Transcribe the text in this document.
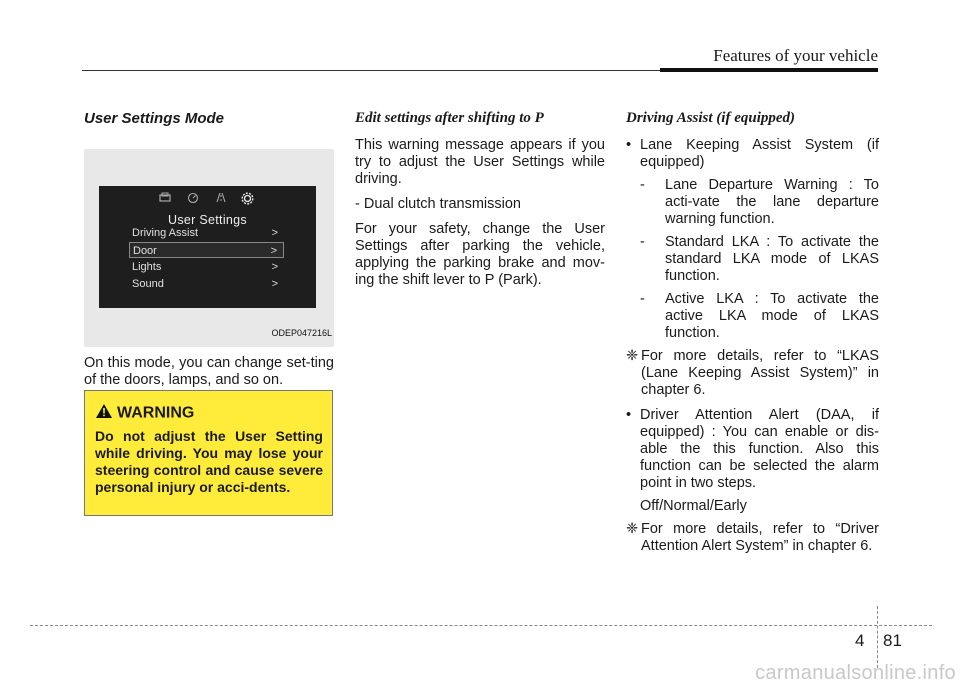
Features of your vehicle
User Settings Mode
User Settings
Driving Assist	>
Door	>
Lights	>
Sound	>
ODEP047216L

On this mode, you can change set-ting of the doors, lamps, and so on.

WARNING
Do not adjust the User Setting while driving. You may lose your steering control and cause severe personal injury or acci-dents.
Edit settings after shifting to P

This warning message appears if you try to adjust the User Settings while driving.

- Dual clutch transmission

For your safety, change the User Settings after parking the vehicle, applying the parking brake and mov-ing the shift lever to P (Park).

Driving Assist (if equipped)
• Lane Keeping Assist System (if equipped)
- Lane Departure Warning : To acti-vate the lane departure warning function.
- Standard LKA : To activate the standard LKA mode of LKAS function.
- Active LKA : To activate the active LKA mode of LKAS function.
❈ For more details, refer to “LKAS (Lane Keeping Assist System)” in chapter 6.
• Driver Attention Alert (DAA, if equipped) : You can enable or dis-able the this function. Also this function can be selected the alarm point in two steps.
Off/Normal/Early
❈ For more details, refer to “Driver Attention Alert System” in chapter 6.
4 81
carmanualsonline.info
